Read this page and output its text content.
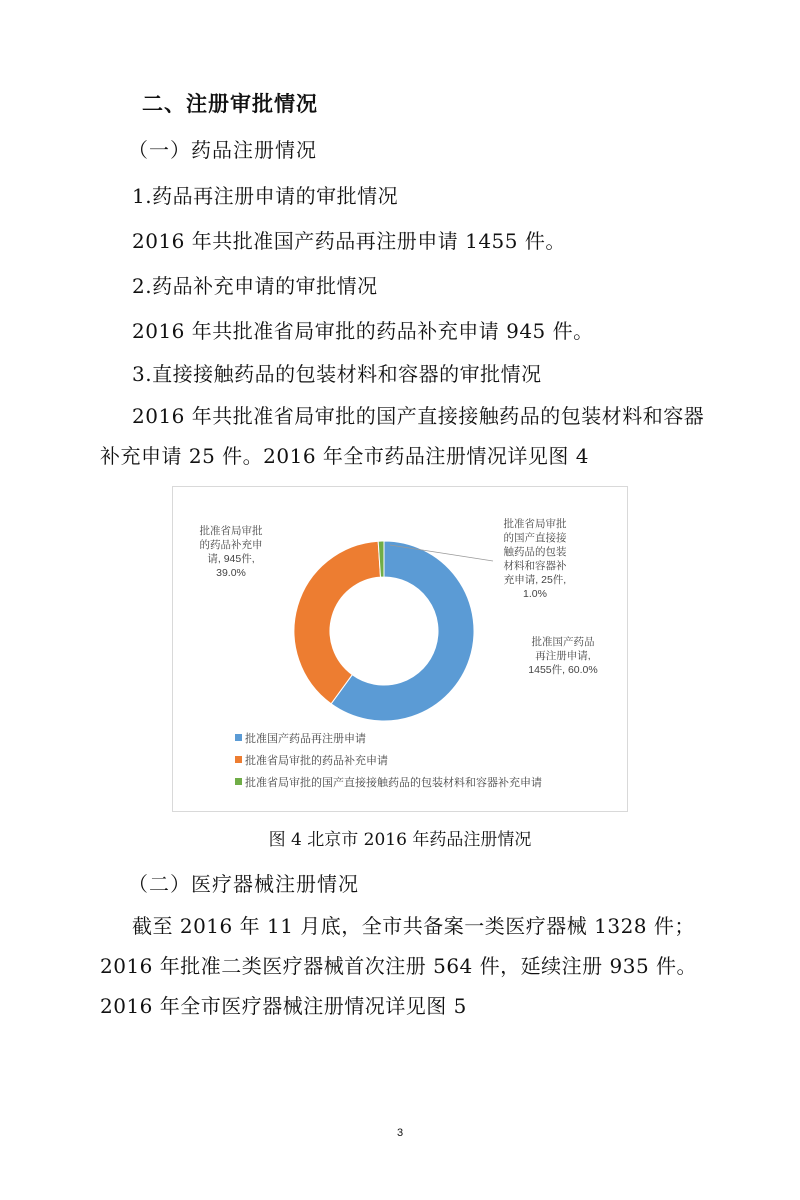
二、注册审批情况
（一）药品注册情况
1.药品再注册申请的审批情况
2016 年共批准国产药品再注册申请 1455 件。
2.药品补充申请的审批情况
2016 年共批准省局审批的药品补充申请 945 件。
3.直接接触药品的包装材料和容器的审批情况
2016 年共批准省局审批的国产直接接触药品的包装材料和容器补充申请 25 件。2016 年全市药品注册情况详见图 4
批准国产药品再注册申请, 1455件, 60.0%
批准省局审批的药品补充申请, 945件, 39.0%
批准省局审批的国产直接接触药品的包装材料和容器补充申请, 25件, 1.0%
批准国产药品再注册申请
批准省局审批的药品补充申请
批准省局审批的国产直接接触药品的包装材料和容器补充申请
图 4 北京市 2016 年药品注册情况
（二）医疗器械注册情况
截至 2016 年 11 月底，全市共备案一类医疗器械 1328 件；2016 年批准二类医疗器械首次注册 564 件，延续注册 935 件。2016 年全市医疗器械注册情况详见图 5
3
